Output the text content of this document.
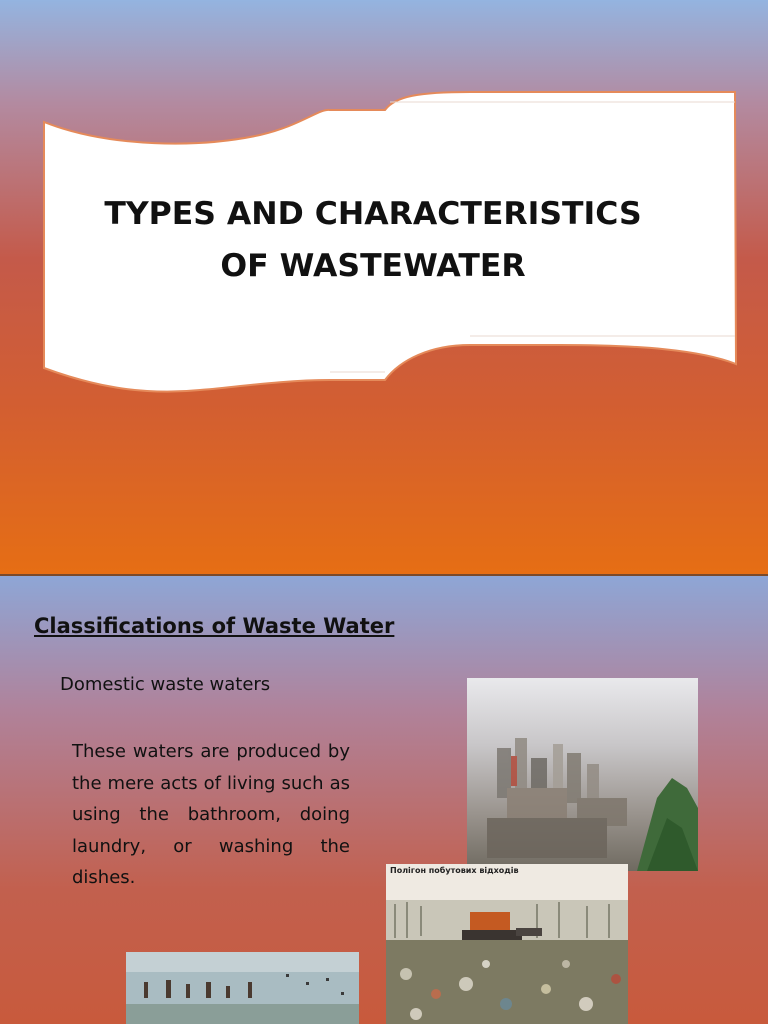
TYPES AND CHARACTERISTICS
OF WASTEWATER
Classifications of Waste Water
Domestic waste waters
These waters are produced by the mere acts of living such as using the bathroom, doing laundry, or washing the dishes.	Полігон побутових відходів
